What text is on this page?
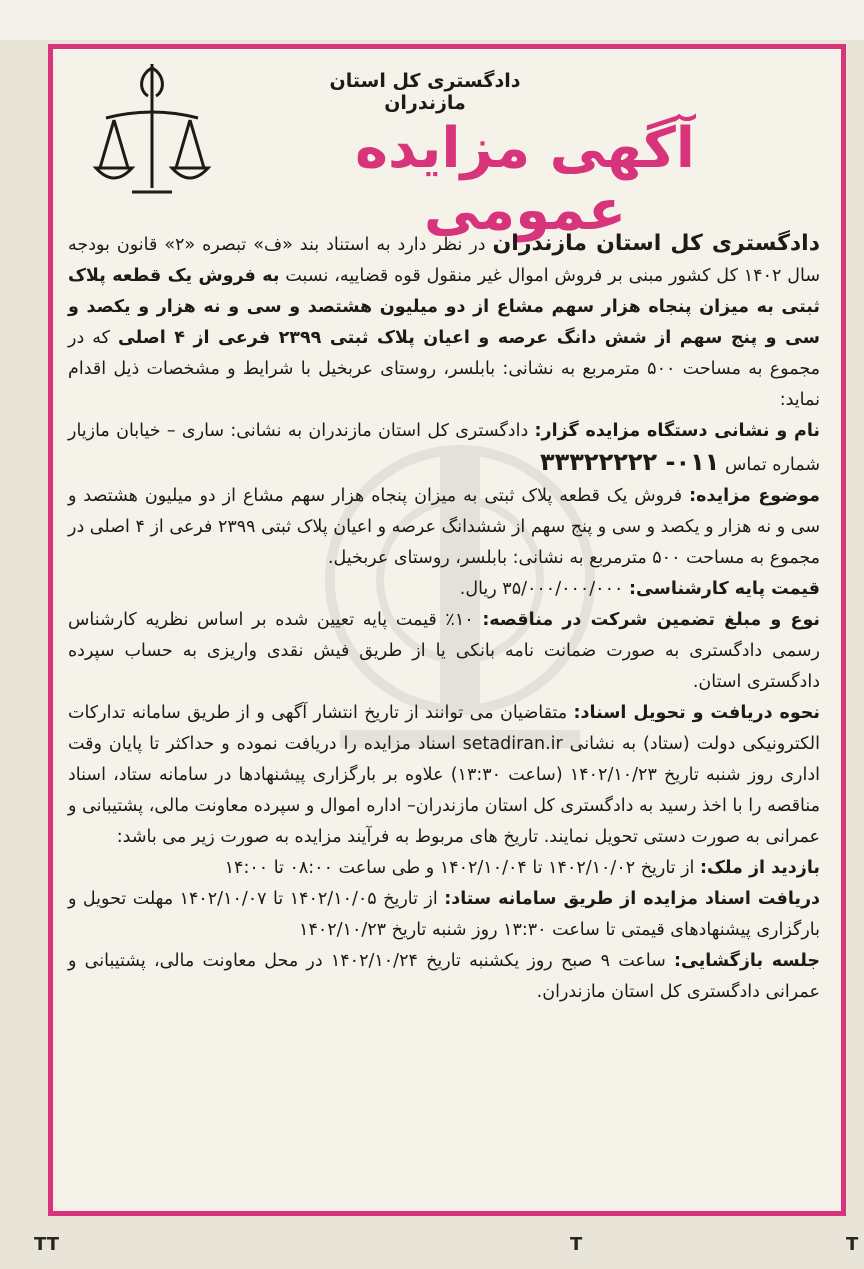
دادگستری کل استان مازندران
آگهی مزایده عمومی

دادگستری کل استان مازندران در نظر دارد به استناد بند «ف» تبصره «۲» قانون بودجه سال ۱۴۰۲ کل کشور مبنی بر فروش اموال غیر منقول قوه قضاییه، نسبت به فروش یک قطعه پلاک ثبتی به میزان پنجاه هزار سهم مشاع از دو میلیون هشتصد و سی و نه هزار و یکصد و سی و پنج سهم از شش دانگ عرصه و اعیان پلاک ثبتی ۲۳۹۹ فرعی از ۴ اصلی که در مجموع به مساحت ۵۰۰ مترمربع به نشانی: بابلسر، روستای عربخیل با شرایط و مشخصات ذیل اقدام نماید:

نام و نشانی دستگاه مزایده گزار: دادگستری کل استان مازندران به نشانی: ساری – خیابان مازیار شماره تماس ۰۱۱- ۳۳۳۲۲۲۲۲

موضوع مزایده: فروش یک قطعه پلاک ثبتی به میزان پنجاه هزار سهم مشاع از دو میلیون هشتصد و سی و نه هزار و یکصد و سی و پنج سهم از ششدانگ عرصه و اعیان پلاک ثبتی ۲۳۹۹ فرعی از ۴ اصلی در مجموع به مساحت ۵۰۰ مترمربع به نشانی: بابلسر، روستای عربخیل.

قیمت پایه کارشناسی: ۳۵/۰۰۰/۰۰۰/۰۰۰ ریال.

نوع و مبلغ تضمین شرکت در مناقصه: ۱۰٪ قیمت پایه تعیین شده بر اساس نظریه کارشناس رسمی دادگستری به صورت ضمانت نامه بانکی یا از طریق فیش نقدی واریزی به حساب سپرده دادگستری استان.

نحوه دریافت و تحویل اسناد: متقاضیان می توانند از تاریخ انتشار آگهی و از طریق سامانه تدارکات الکترونیکی دولت (ستاد) به نشانی setadiran.ir اسناد مزایده را دریافت نموده و حداکثر تا پایان وقت اداری روز شنبه تاریخ ۱۴۰۲/۱۰/۲۳ (ساعت ۱۳:۳۰) علاوه بر بارگزاری پیشنهادها در سامانه ستاد، اسناد مناقصه را با اخذ رسید به دادگستری کل استان مازندران– اداره اموال و سپرده معاونت مالی، پشتیبانی و عمرانی به صورت دستی تحویل نمایند. تاریخ های مربوط به فرآیند مزایده به صورت زیر می باشد:

بازدید از ملک: از تاریخ ۱۴۰۲/۱۰/۰۲ تا ۱۴۰۲/۱۰/۰۴ و طی ساعت ۰۸:۰۰ تا ۱۴:۰۰

دریافت اسناد مزایده از طریق سامانه ستاد: از تاریخ ۱۴۰۲/۱۰/۰۵ تا ۱۴۰۲/۱۰/۰۷ مهلت تحویل و بارگزاری پیشنهادهای قیمتی تا ساعت ۱۳:۳۰ روز شنبه تاریخ ۱۴۰۲/۱۰/۲۳

جلسه بازگشایی: ساعت ۹ صبح روز یکشنبه تاریخ ۱۴۰۲/۱۰/۲۴ در محل معاونت مالی، پشتیبانی و عمرانی دادگستری کل استان مازندران.

TT	T	T
